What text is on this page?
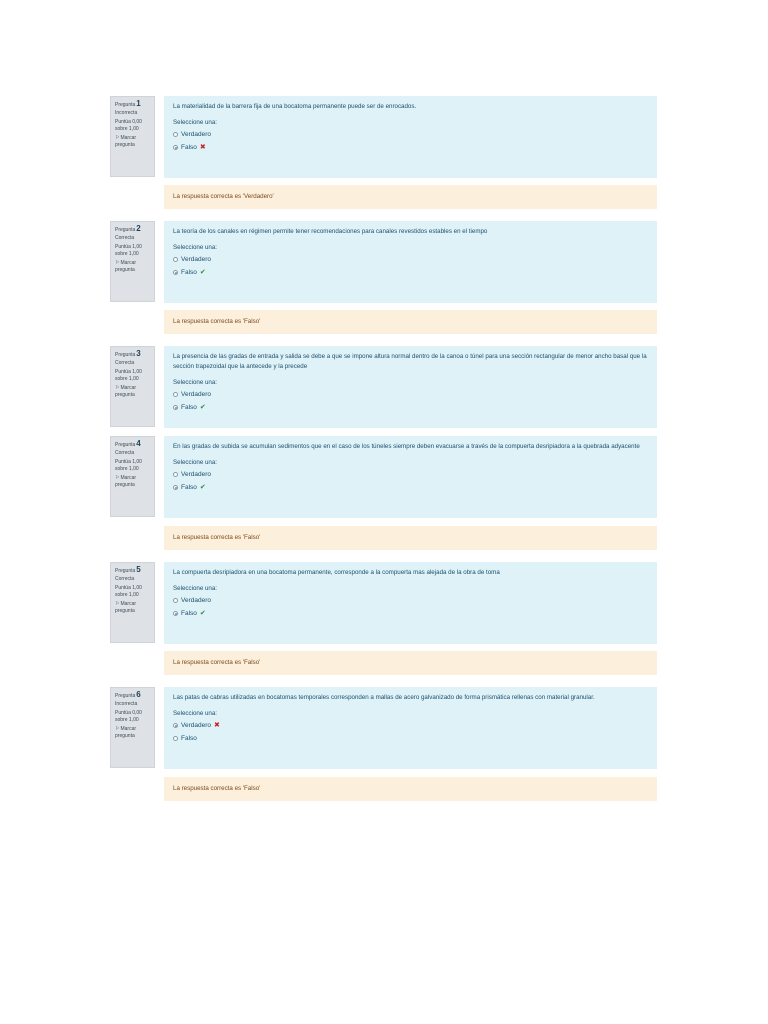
Pregunta1
Incorrecta
Puntúa 0,00 sobre 1,00
⚐Marcar pregunta

La materialidad de la barrera fija de una bocatoma permanente puede ser de enrocados.

Seleccione una:

Verdadero
Falso ✖
La respuesta correcta es 'Verdadero'
Pregunta2
Correcta
Puntúa 1,00 sobre 1,00
⚐Marcar pregunta

La teoría de los canales en régimen permite tener recomendaciones para canales revestidos estables en el tiempo

Seleccione una:

Verdadero
Falso ✔
La respuesta correcta es 'Falso'
Pregunta3
Correcta
Puntúa 1,00 sobre 1,00
⚐Marcar pregunta

La presencia de las gradas de entrada y salida se debe a que se impone altura normal dentro de la canoa o túnel para una sección rectangular de menor ancho basal que la sección trapezoidal que la antecede y la precede

Seleccione una:

Verdadero
Falso ✔
Pregunta4
Correcta
Puntúa 1,00 sobre 1,00
⚐Marcar pregunta

En las gradas de subida se acumulan sedimentos que en el caso de los túneles siempre deben evacuarse a través de la compuerta desripiadora a la quebrada adyacente

Seleccione una:

Verdadero
Falso ✔
La respuesta correcta es 'Falso'
Pregunta5
Correcta
Puntúa 1,00 sobre 1,00
⚐Marcar pregunta

La compuerta desripiadora en una bocatoma permanente, corresponde a la compuerta mas alejada de la obra de toma

Seleccione una:

Verdadero
Falso ✔
La respuesta correcta es 'Falso'
Pregunta6
Incorrecta
Puntúa 0,00 sobre 1,00
⚐Marcar pregunta

Las patas de cabras utilizadas en bocatomas temporales corresponden a mallas de acero galvanizado de forma prismática rellenas con material granular.

Seleccione una:

Verdadero ✖
Falso
La respuesta correcta es 'Falso'
